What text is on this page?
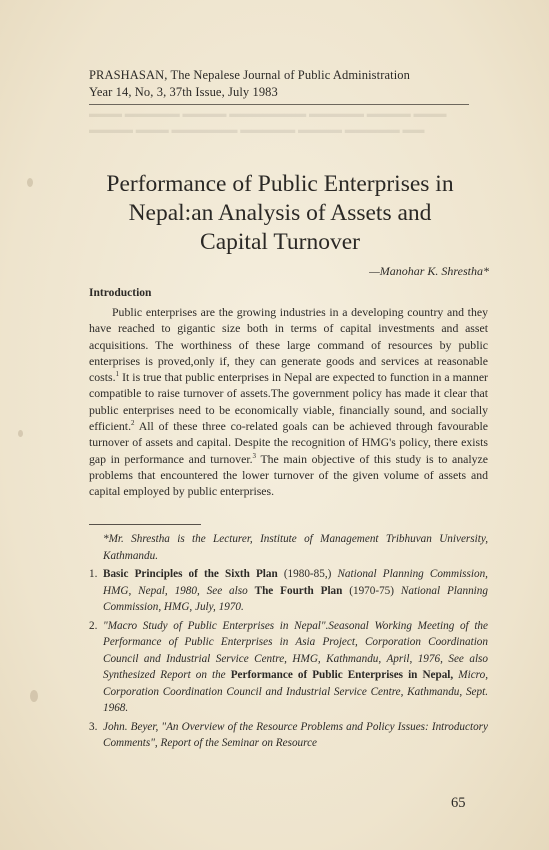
PRASHASAN, The Nepalese Journal of Public Administration
Year 14, No, 3, 37th Issue, July 1983
▬▬▬ ▬▬▬▬▬ ▬▬▬▬ ▬▬▬▬▬▬▬ ▬▬▬▬▬ ▬▬▬▬ ▬▬▬
▬▬▬▬ ▬▬▬ ▬▬▬▬▬▬ ▬▬▬▬▬ ▬▬▬▬ ▬▬▬▬▬ ▬▬
Performance of Public Enterprises in
Nepal:an Analysis of Assets and
Capital Turnover
—Manohar K. Shrestha*
Introduction

Public enterprises are the growing industries in a developing country and they have reached to gigantic size both in terms of capital investments and asset acquisitions. The worthiness of these large command of resources by public enterprises is proved,only if, they can generate goods and services at reasonable costs.$^1$ It is true that public enterprises in Nepal are expected to function in a manner compatible to raise turnover of assets.The government policy has made it clear that public enterprises need to be economically viable, financially sound, and socially efficient.$^2$ All of these three co-related goals can be achieved through favourable turnover of assets and capital. Despite the recognition of HMG's policy, there exists gap in performance and turnover.$^3$ The main objective of this study is to analyze problems that encountered the lower turnover of the given volume of assets and capital employed by public enterprises.

*Mr. Shrestha is the Lecturer, Institute of Management Tribhuvan University, Kathmandu.
1. Basic Principles of the Sixth Plan (1980-85,) National Planning Commission, HMG, Nepal, 1980, See also The Fourth Plan (1970-75) National Planning Commission, HMG, July, 1970.
2. "Macro Study of Public Enterprises in Nepal".Seasonal Working Meeting of the Performance of Public Enterprises in Asia Project, Corporation Coordination Council and Industrial Service Centre, HMG, Kathmandu, April, 1976, See also Synthesized Report on the Performance of Public Enterprises in Nepal, Micro, Corporation Coordination Council and Industrial Service Centre, Kathmandu, Sept. 1968.
3. John. Beyer, "An Overview of the Resource Problems and Policy Issues: Introductory Comments", Report of the Seminar on Resource
65
